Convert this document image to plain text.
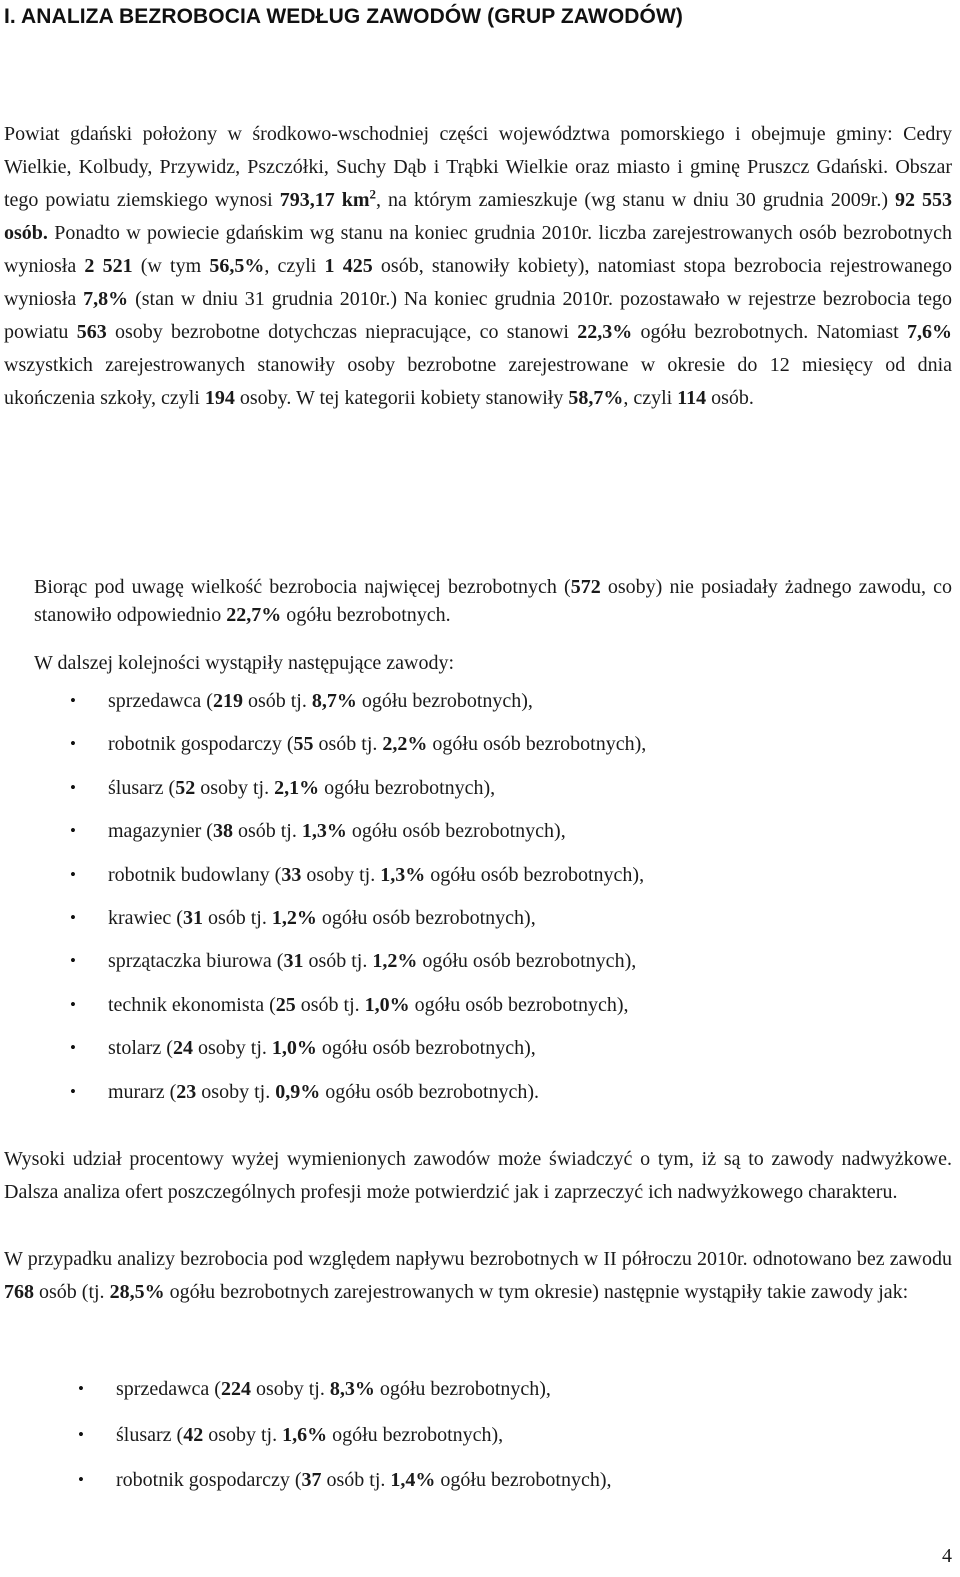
I. ANALIZA BEZROBOCIA WEDŁUG ZAWODÓW (GRUP ZAWODÓW)

Powiat gdański położony w środkowo-wschodniej części województwa pomorskiego i obejmuje gminy: Cedry Wielkie, Kolbudy, Przywidz, Pszczółki, Suchy Dąb i Trąbki Wielkie oraz miasto i gminę Pruszcz Gdański. Obszar tego powiatu ziemskiego wynosi 793,17 $km^2$, na którym zamieszkuje (wg stanu w dniu 30 grudnia 2009r.) 92 553 osób. Ponadto w powiecie gdańskim wg stanu na koniec grudnia 2010r. liczba zarejestrowanych osób bezrobotnych wyniosła 2 521 (w tym 56,5%, czyli 1 425 osób, stanowiły kobiety), natomiast stopa bezrobocia rejestrowanego wyniosła 7,8% (stan w dniu 31 grudnia 2010r.) Na koniec grudnia 2010r. pozostawało w rejestrze bezrobocia tego powiatu 563 osoby bezrobotne dotychczas niepracujące, co stanowi 22,3% ogółu bezrobotnych. Natomiast 7,6% wszystkich zarejestrowanych stanowiły osoby bezrobotne zarejestrowane w okresie do 12 miesięcy od dnia ukończenia szkoły, czyli 194 osoby. W tej kategorii kobiety stanowiły 58,7%, czyli 114 osób.

Biorąc pod uwagę wielkość bezrobocia najwięcej bezrobotnych (572 osoby) nie posiadały żadnego zawodu, co stanowiło odpowiednio 22,7% ogółu bezrobotnych.

W dalszej kolejności wystąpiły następujące zawody:

• sprzedawca (219 osób tj. 8,7% ogółu bezrobotnych),
• robotnik gospodarczy (55 osób tj. 2,2% ogółu osób bezrobotnych),
• ślusarz (52 osoby tj. 2,1% ogółu bezrobotnych),
• magazynier (38 osób tj. 1,3% ogółu osób bezrobotnych),
• robotnik budowlany (33 osoby tj. 1,3% ogółu osób bezrobotnych),
• krawiec (31 osób tj. 1,2% ogółu osób bezrobotnych),
• sprzątaczka biurowa (31 osób tj. 1,2% ogółu osób bezrobotnych),
• technik ekonomista (25 osób tj. 1,0% ogółu osób bezrobotnych),
• stolarz (24 osoby tj. 1,0% ogółu osób bezrobotnych),
• murarz (23 osoby tj. 0,9% ogółu osób bezrobotnych).

Wysoki udział procentowy wyżej wymienionych zawodów może świadczyć o tym, iż są to zawody nadwyżkowe. Dalsza analiza ofert poszczególnych profesji może potwierdzić jak i zaprzeczyć ich nadwyżkowego charakteru.

W przypadku analizy bezrobocia pod względem napływu bezrobotnych w II półroczu 2010r. odnotowano bez zawodu 768 osób (tj. 28,5% ogółu bezrobotnych zarejestrowanych w tym okresie) następnie wystąpiły takie zawody jak:

• sprzedawca (224 osoby tj. 8,3% ogółu bezrobotnych),
• ślusarz (42 osoby tj. 1,6% ogółu bezrobotnych),
• robotnik gospodarczy (37 osób tj. 1,4% ogółu bezrobotnych),
4
